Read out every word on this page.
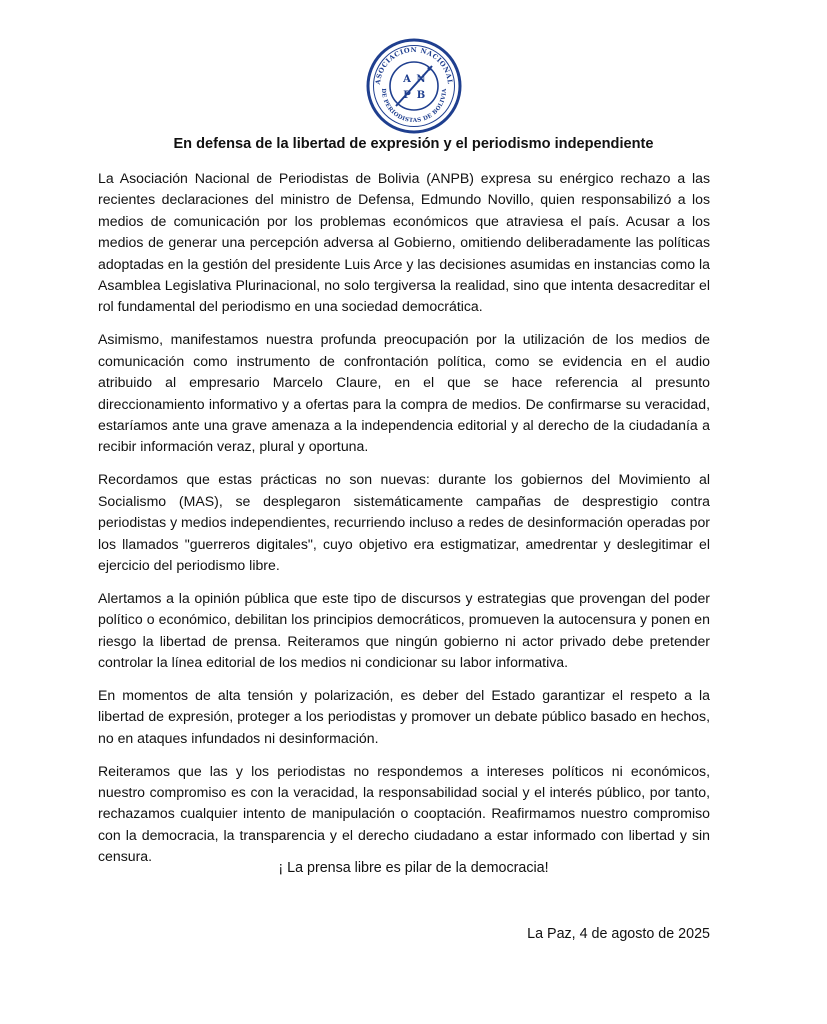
ASOCIACION NACIONAL
DE PERIODISTAS DE BOLIVIA
A N
P B
En defensa de la libertad de expresión y el periodismo independiente

La Asociación Nacional de Periodistas de Bolivia (ANPB) expresa su enérgico rechazo a las recientes declaraciones del ministro de Defensa, Edmundo Novillo, quien responsabilizó a los medios de comunicación por los problemas económicos que atraviesa el país. Acusar a los medios de generar una percepción adversa al Gobierno, omitiendo deliberadamente las políticas adoptadas en la gestión del presidente Luis Arce y las decisiones asumidas en instancias como la Asamblea Legislativa Plurinacional, no solo tergiversa la realidad, sino que intenta desacreditar el rol fundamental del periodismo en una sociedad democrática.

Asimismo, manifestamos nuestra profunda preocupación por la utilización de los medios de comunicación como instrumento de confrontación política, como se evidencia en el audio atribuido al empresario Marcelo Claure, en el que se hace referencia al presunto direccionamiento informativo y a ofertas para la compra de medios. De confirmarse su veracidad, estaríamos ante una grave amenaza a la independencia editorial y al derecho de la ciudadanía a recibir información veraz, plural y oportuna.

Recordamos que estas prácticas no son nuevas: durante los gobiernos del Movimiento al Socialismo (MAS), se desplegaron sistemáticamente campañas de desprestigio contra periodistas y medios independientes, recurriendo incluso a redes de desinformación operadas por los llamados "guerreros digitales", cuyo objetivo era estigmatizar, amedrentar y deslegitimar el ejercicio del periodismo libre.

Alertamos a la opinión pública que este tipo de discursos y estrategias que provengan del poder político o económico, debilitan los principios democráticos, promueven la autocensura y ponen en riesgo la libertad de prensa. Reiteramos que ningún gobierno ni actor privado debe pretender controlar la línea editorial de los medios ni condicionar su labor informativa.

En momentos de alta tensión y polarización, es deber del Estado garantizar el respeto a la libertad de expresión, proteger a los periodistas y promover un debate público basado en hechos, no en ataques infundados ni desinformación.

Reiteramos que las y los periodistas no respondemos a intereses políticos ni económicos, nuestro compromiso es con la veracidad, la responsabilidad social y el interés público, por tanto, rechazamos cualquier intento de manipulación o cooptación. Reafirmamos nuestro compromiso con la democracia, la transparencia y el derecho ciudadano a estar informado con libertad y sin censura.

¡ La prensa libre es pilar de la democracia!
La Paz, 4 de agosto de 2025
